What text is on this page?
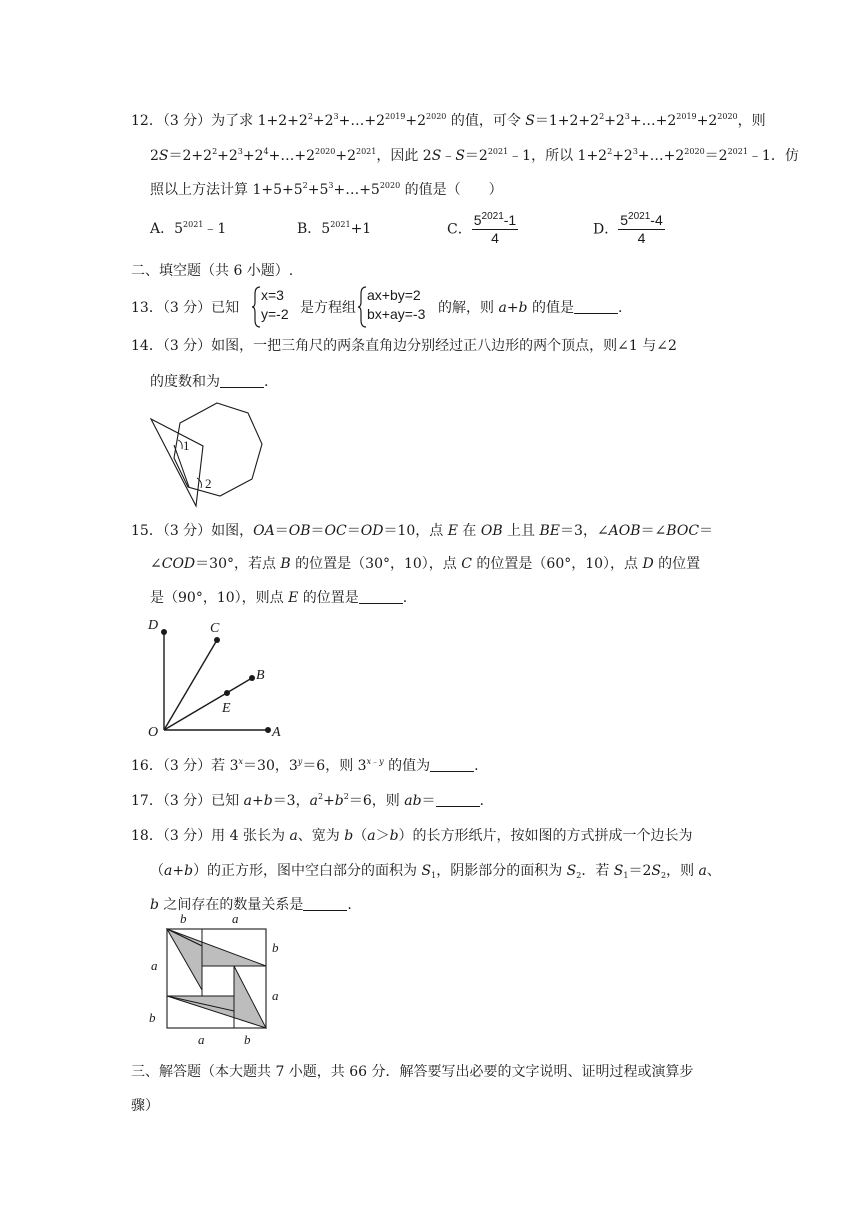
12．（3 分）为了求 $1+2+2^2+2^3+\dots+2^{2019}+2^{2020}$ 的值，可令 $S=1+2+2^2+2^3+\dots+2^{2019}+2^{2020}$，则
$2S=2+2^2+2^3+2^4+\dots+2^{2020}+2^{2021}$，因此 $2S﹣S=2^{2021}﹣1$，所以 $1+2^2+2^3+\dots+2^{2020}=2^{2021}﹣1$．仿
照以上方法计算 $1+5+5^2+5^3+\dots+5^{2020}$ 的值是（　　）
A．$5^{2021}﹣1$	B．$5^{2021}+1$	C． $\frac{5^{2021}-1}{4}$	D． $\frac{5^{2021}-4}{4}$
二、填空题（共 6 小题）.
13．（3 分）已知
x=3
y=-2 是方程组
ax+by=2
bx+ay=-3 的解，则 a+b 的值是	.
14．（3 分）如图，一把三角尺的两条直角边分别经过正八边形的两个顶点，则∠1 与∠2
的度数和为	.
1
2
15．（3 分）如图，OA＝OB＝OC＝OD＝10，点 E 在 OB 上且 BE＝3，∠AOB＝∠BOC＝
∠COD＝30°，若点 B 的位置是（30°，10），点 C 的位置是（60°，10），点 D 的位置
是（90°，10），则点 E 的位置是	.
D	C
B
E
O	A
16．（3 分）若 $3^x=30$，$3^y=6$，则 $3^{x﹣y}$ 的值为	.
17．（3 分）已知 a+b＝3，$a^2+b^2=6$，则 ab＝	.
18．（3 分）用 4 张长为 a、宽为 b（a＞b）的长方形纸片，按如图的方式拼成一个边长为
（a+b）的正方形，图中空白部分的面积为 $S_1$，阴影部分的面积为 $S_2$．若 $S_1=2S_2$，则 a、
b 之间存在的数量关系是	.
b	a
b
a
a
b
a	b
三、解答题（本大题共 7 小题，共 66 分．解答要写出必要的文字说明、证明过程或演算步
骤）
